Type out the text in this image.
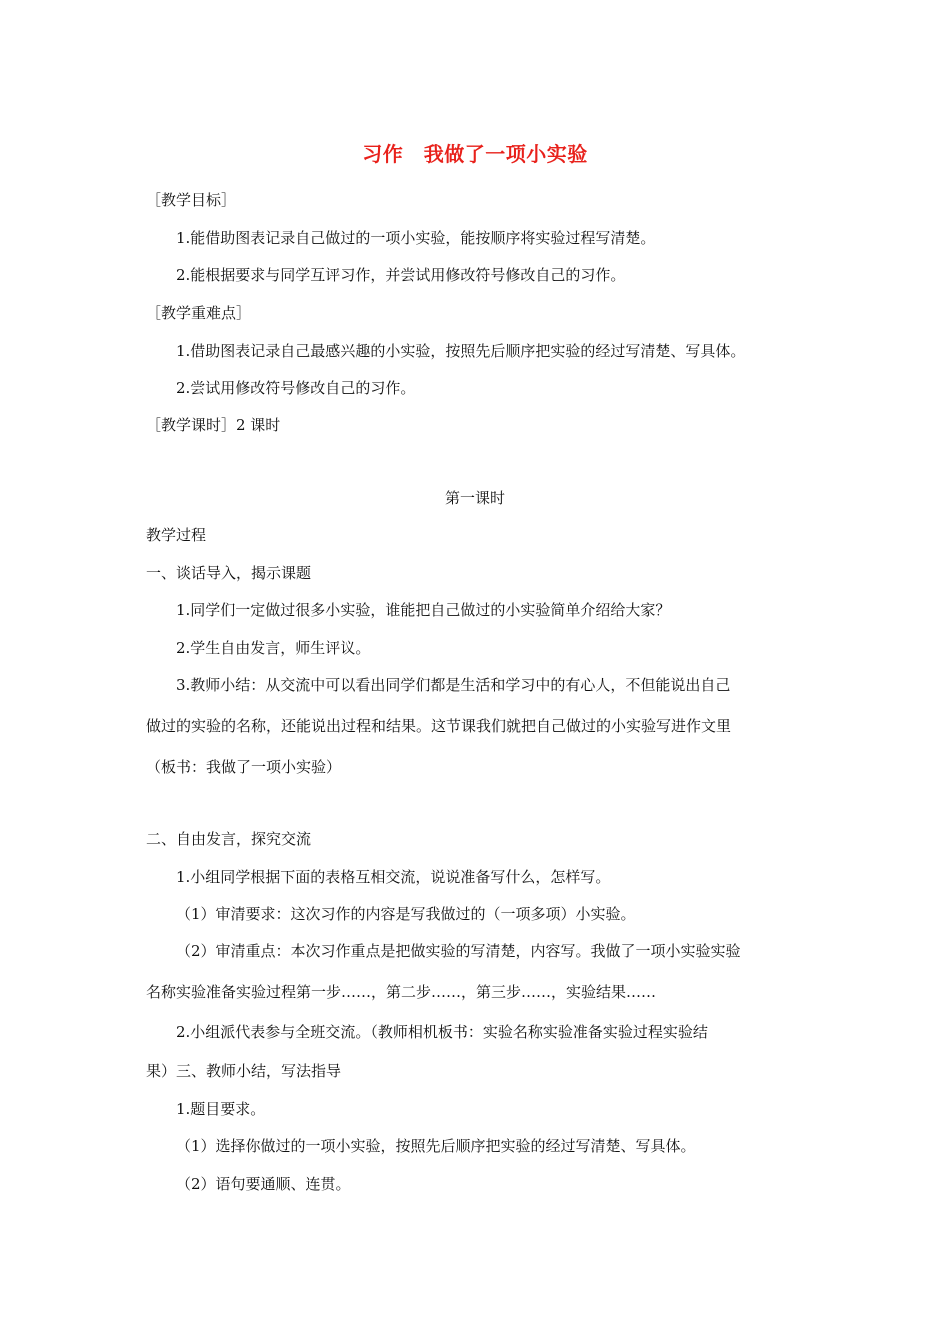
习作　我做了一项小实验
［教学目标］
1.能借助图表记录自己做过的一项小实验，能按顺序将实验过程写清楚。
2.能根据要求与同学互评习作，并尝试用修改符号修改自己的习作。
［教学重难点］
1.借助图表记录自己最感兴趣的小实验，按照先后顺序把实验的经过写清楚、写具体。
2.尝试用修改符号修改自己的习作。
［教学课时］2 课时
第一课时
教学过程
一、谈话导入，揭示课题
1.同学们一定做过很多小实验，谁能把自己做过的小实验简单介绍给大家？
2.学生自由发言，师生评议。
3.教师小结：从交流中可以看出同学们都是生活和学习中的有心人，不但能说出自己
做过的实验的名称，还能说出过程和结果。这节课我们就把自己做过的小实验写进作文里
（板书：我做了一项小实验）
二、自由发言，探究交流
1.小组同学根据下面的表格互相交流，说说准备写什么，怎样写。
（1）审清要求：这次习作的内容是写我做过的（一项多项）小实验。
（2）审清重点：本次习作重点是把做实验的写清楚，内容写。我做了一项小实验实验
名称实验准备实验过程第一步……，第二步……，第三步……，实验结果……
2.小组派代表参与全班交流。（教师相机板书：实验名称实验准备实验过程实验结
果）三、教师小结，写法指导
1.题目要求。
（1）选择你做过的一项小实验，按照先后顺序把实验的经过写清楚、写具体。
（2）语句要通顺、连贯。
